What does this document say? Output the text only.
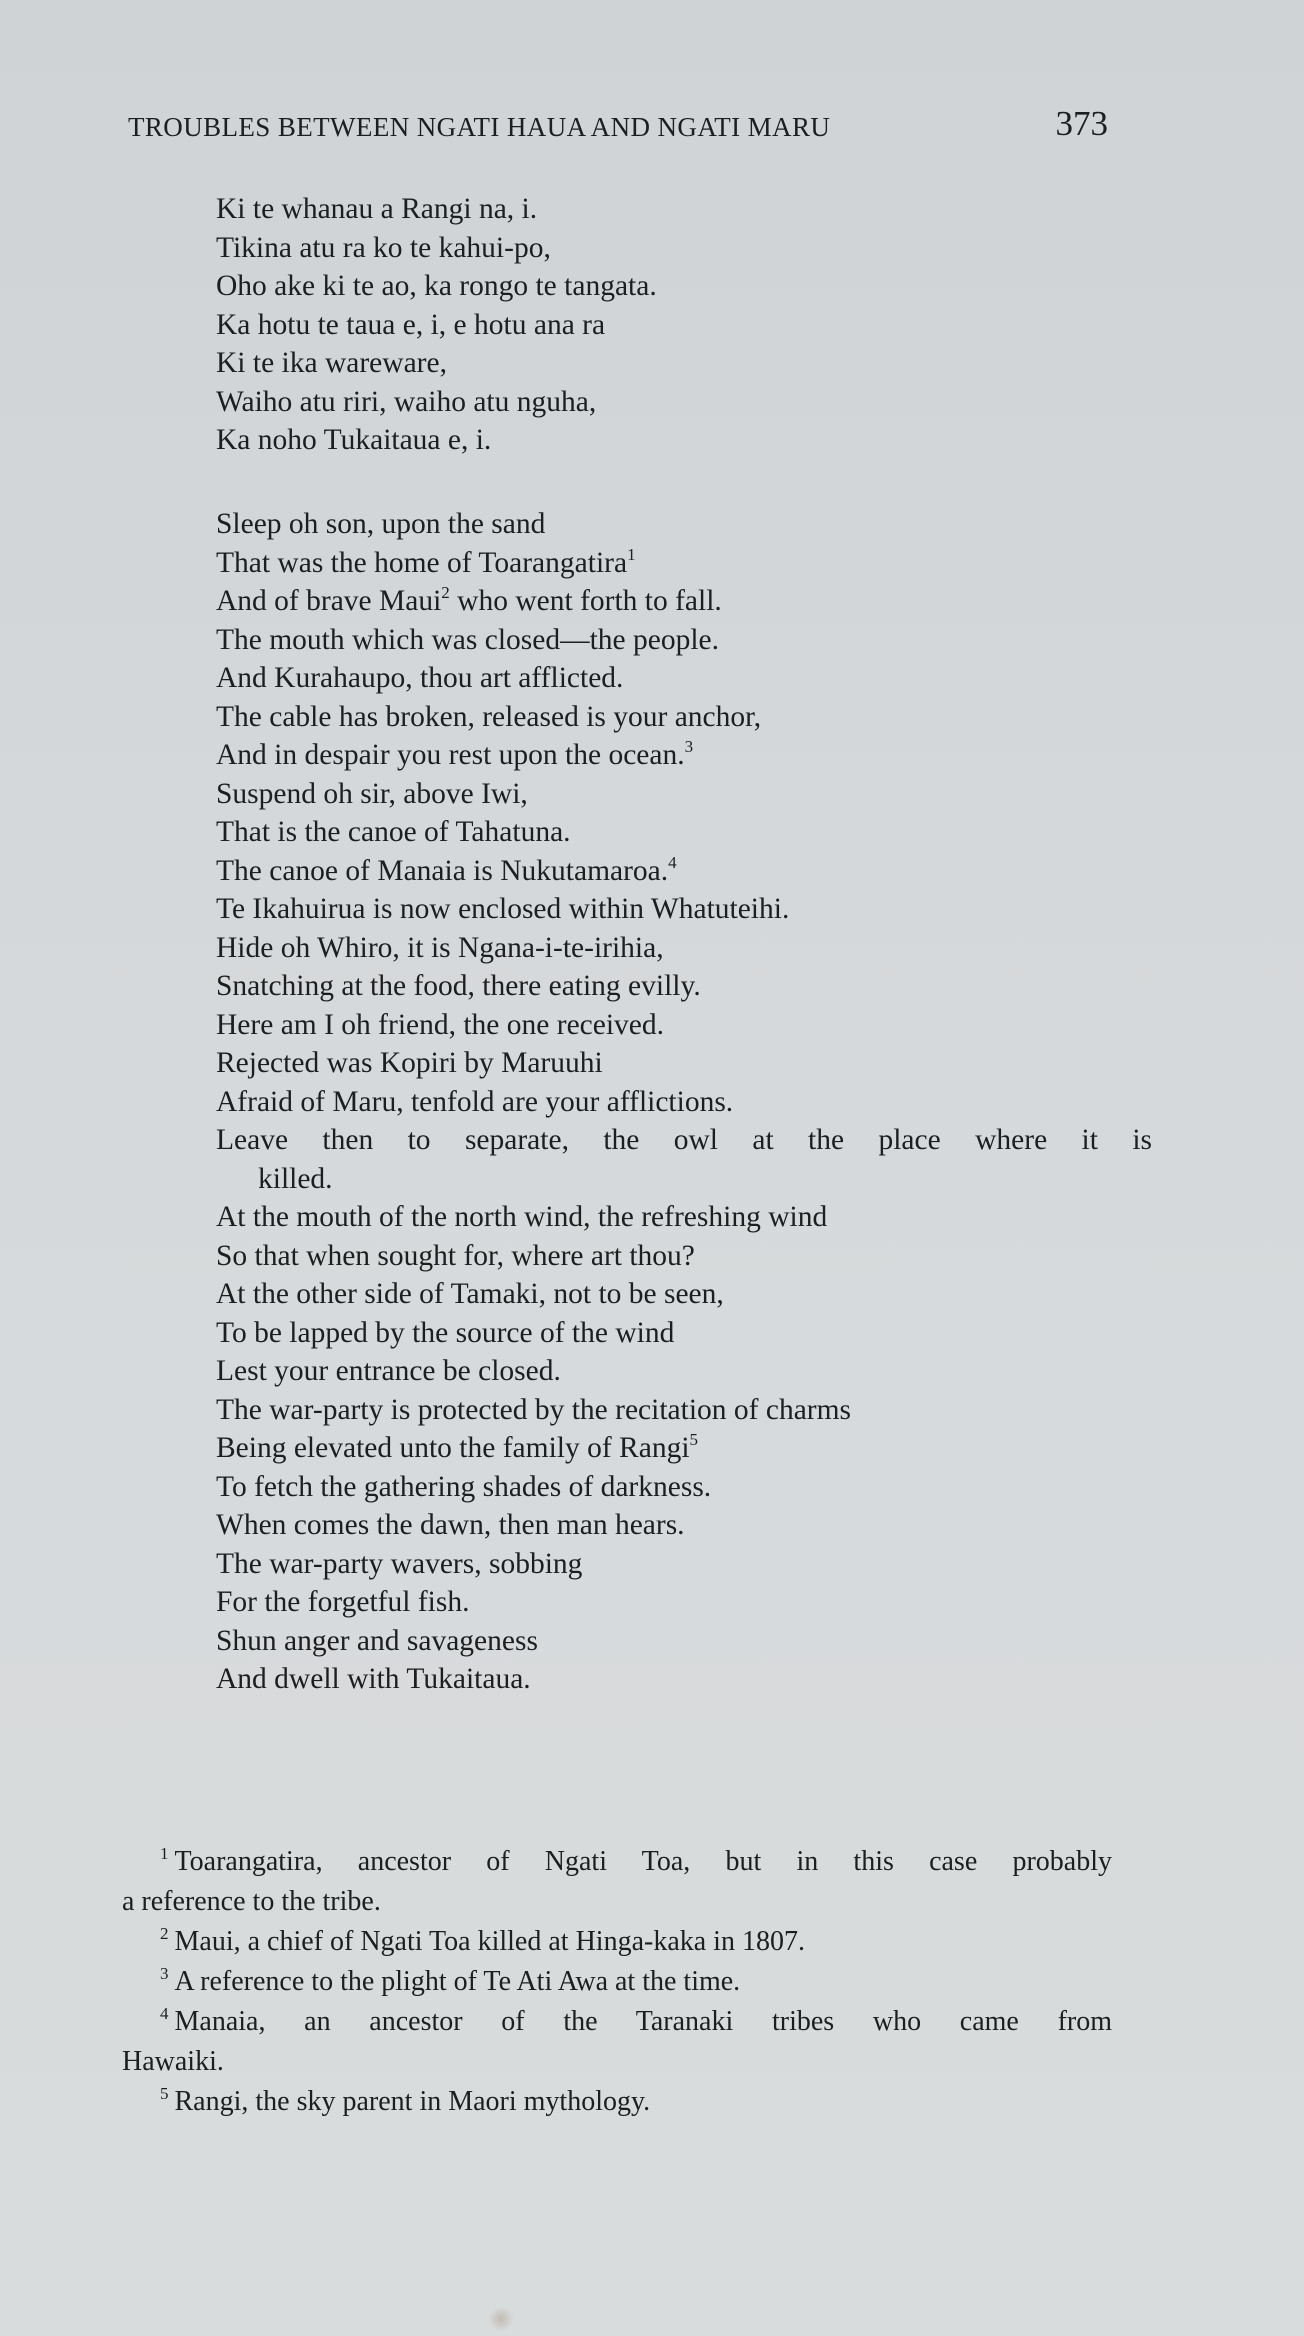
TROUBLES BETWEEN NGATI HAUA AND NGATI MARU	373
Ki te whanau a Rangi na, i.
Tikina atu ra ko te kahui-po,
Oho ake ki te ao, ka rongo te tangata.
Ka hotu te taua e, i, e hotu ana ra
Ki te ika wareware,
Waiho atu riri, waiho atu nguha,
Ka noho Tukaitaua e, i.
Sleep oh son, upon the sand
That was the home of Toarangatira$^1$
And of brave Maui$^2$ who went forth to fall.
The mouth which was closed—the people.
And Kurahaupo, thou art afflicted.
The cable has broken, released is your anchor,
And in despair you rest upon the ocean.$^3$
Suspend oh sir, above Iwi,
That is the canoe of Tahatuna.
The canoe of Manaia is Nukutamaroa.$^4$
Te Ikahuirua is now enclosed within Whatuteihi.
Hide oh Whiro, it is Ngana-i-te-irihia,
Snatching at the food, there eating evilly.
Here am I oh friend, the one received.
Rejected was Kopiri by Maruuhi
Afraid of Maru, tenfold are your afflictions.
Leave then to separate, the owl at the place where it is
killed.
At the mouth of the north wind, the refreshing wind
So that when sought for, where art thou?
At the other side of Tamaki, not to be seen,
To be lapped by the source of the wind
Lest your entrance be closed.
The war-party is protected by the recitation of charms
Being elevated unto the family of Rangi$^5$
To fetch the gathering shades of darkness.
When comes the dawn, then man hears.
The war-party wavers, sobbing
For the forgetful fish.
Shun anger and savageness
And dwell with Tukaitaua.
$^1$ Toarangatira, ancestor of Ngati Toa, but in this case probably
a reference to the tribe.
$^2$ Maui, a chief of Ngati Toa killed at Hinga-kaka in 1807.
$^3$ A reference to the plight of Te Ati Awa at the time.
$^4$ Manaia, an ancestor of the Taranaki tribes who came from
Hawaiki.
$^5$ Rangi, the sky parent in Maori mythology.
